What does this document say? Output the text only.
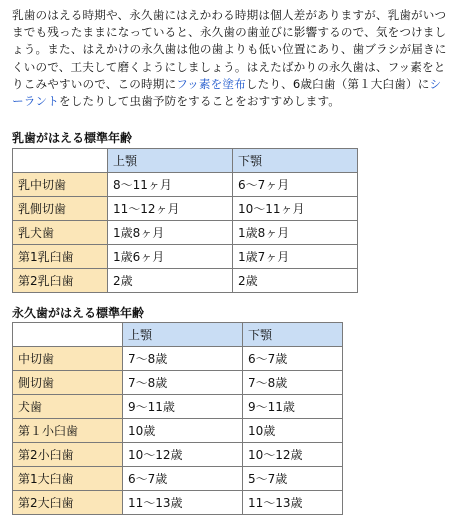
乳歯のはえる時期や、永久歯にはえかわる時期は個人差がありますが、乳歯がいつまでも残ったままになっていると、永久歯の歯並びに影響するので、気をつけましょう。また、はえかけの永久歯は他の歯よりも低い位置にあり、歯ブラシが届きにくいので、工夫して磨くようにしましょう。はえたばかりの永久歯は、フッ素をとりこみやすいので、この時期にフッ素を塗布したり、6歳臼歯（第１大臼歯）にシーラントをしたりして虫歯予防をすることをおすすめします。

乳歯がはえる標準年齢

	上顎	下顎
乳中切歯	8〜11ヶ月	6〜7ヶ月
乳側切歯	11〜12ヶ月	10〜11ヶ月
乳犬歯	1歳8ヶ月	1歳8ヶ月
第1乳臼歯	1歳6ヶ月	1歳7ヶ月
第2乳臼歯	2歳	2歳

永久歯がはえる標準年齢

	上顎	下顎
中切歯	7〜8歳	6〜7歳
側切歯	7〜8歳	7〜8歳
犬歯	9〜11歳	9〜11歳
第１小臼歯	10歳	10歳
第2小臼歯	10〜12歳	10〜12歳
第1大臼歯	6〜7歳	5〜7歳
第2大臼歯	11〜13歳	11〜13歳
